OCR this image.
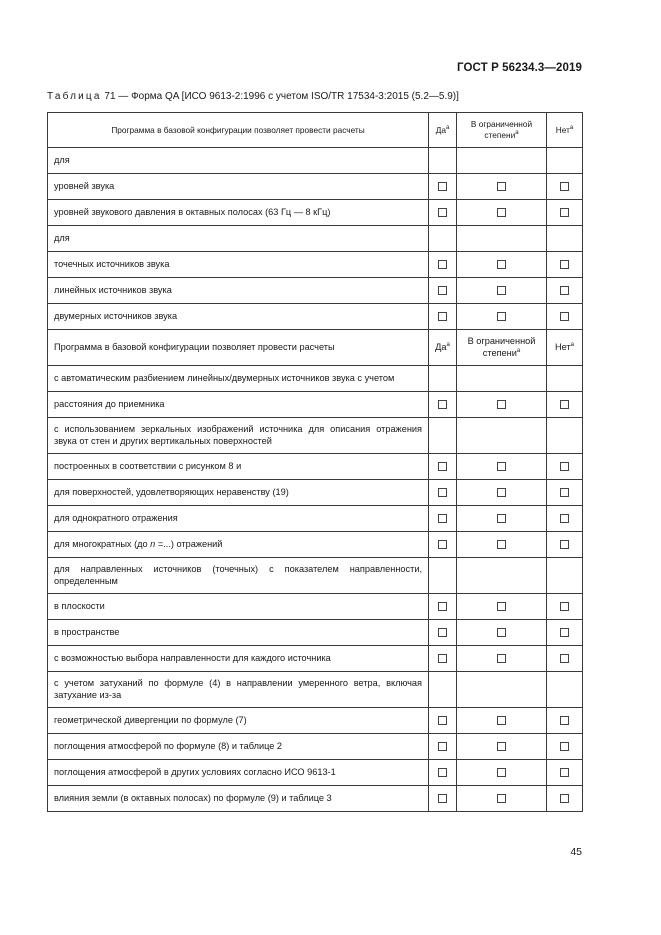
ГОСТ Р 56234.3—2019
Таблица 71 — Форма QA [ИСО 9613-2:1996 с учетом ISO/TR 17534-3:2015 (5.2—5.9)]
Программа в базовой конфигурации позволяет провести расчеты	$Да^a$	В ограниченной степени$^a$	Нет$^a$
для			
уровней звука			
уровней звукового давления в октавных полосах (63 Гц — 8 кГц)			
для			
точечных источников звука			
линейных источников звука			
двумерных источников звука			
Программа в базовой конфигурации позволяет провести расчеты	$Да^a$	В ограниченной степени$^a$	Нет$^a$
с автоматическим разбиением линейных/двумерных источников звука с учетом			
расстояния до приемника			
с использованием зеркальных изображений источника для описания отражения звука от стен и других вертикальных поверхностей			
построенных в соответствии с рисунком 8 и			
для поверхностей, удовлетворяющих неравенству (19)			
для однократного отражения			
для многократных (до n =...) отражений			
для направленных источников (точечных) с показателем направленности, определенным			
в плоскости			
в пространстве			
с возможностью выбора направленности для каждого источника			
с учетом затуханий по формуле (4) в направлении умеренного ветра, включая затухание из-за			
геометрической дивергенции по формуле (7)			
поглощения атмосферой по формуле (8) и таблице 2			
поглощения атмосферой в других условиях согласно ИСО 9613-1			
влияния земли (в октавных полосах) по формуле (9) и таблице 3			
45
